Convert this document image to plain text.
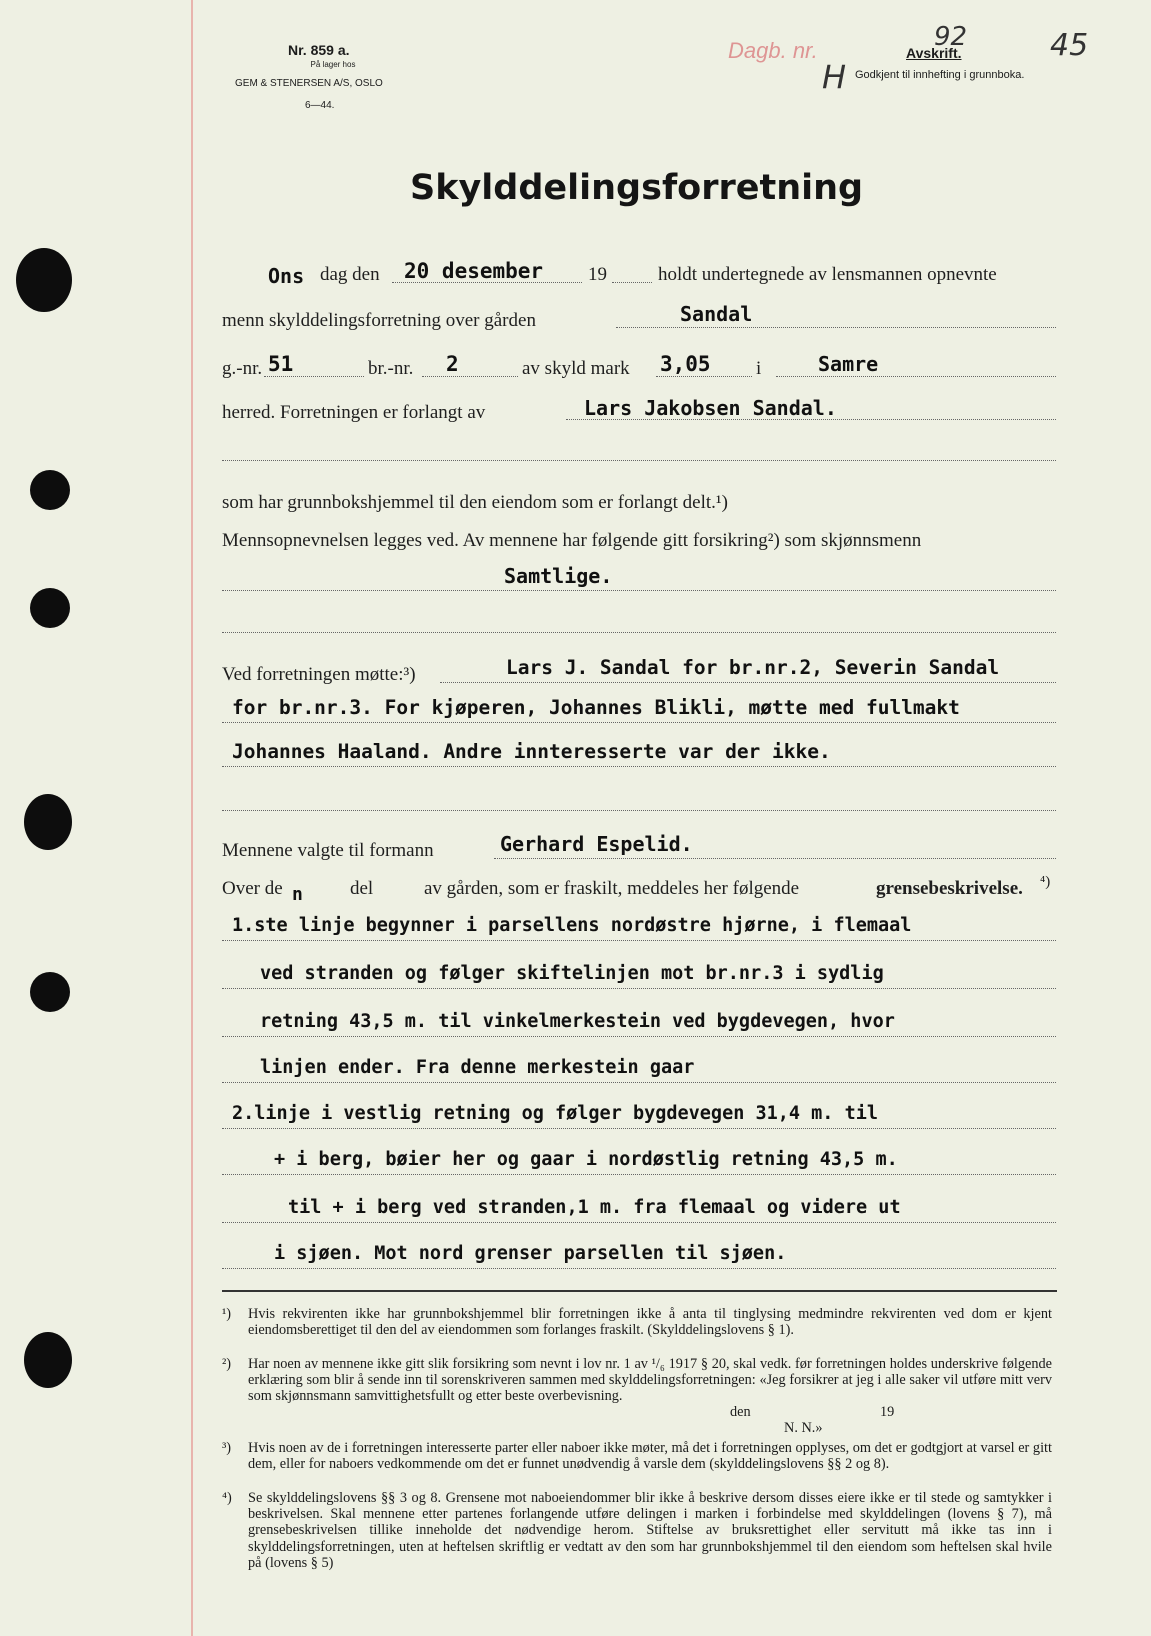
Nr. 859 a.
På lager hos
GEM & STENERSEN A/S, OSLO
6—44.
Dagb. nr.	92
Avskrift.
Godkjent til innhefting i grunnboka.
45
H
Skylddelingsforretning
Ons dag den 20 desember 19	holdt undertegnede av lensmannen opnevnte
menn skylddelingsforretning over gården	Sandal
g.-nr. 51	br.-nr. 2	av skyld mark 3,05 i	Samre
herred. Forretningen er forlangt av	Lars Jakobsen Sandal.
som har grunnbokshjemmel til den eiendom som er forlangt delt.¹)
Mennsopnevnelsen legges ved. Av mennene har følgende gitt forsikring²) som skjønnsmenn
Samtlige.
Ved forretningen møtte:³)	Lars J. Sandal for br.nr.2, Severin Sandal
for br.nr.3. For kjøperen, Johannes Blikli, møtte med fullmakt
Johannes Haaland. Andre innteresserte var der ikke.
Mennene valgte til formann	Gerhard Espelid.
Over de n del	av gården, som er fraskilt, meddeles her følgende	grensebeskrivelse. ⁴)
1.ste linje begynner i parsellens nordøstre hjørne, i flemaal
ved stranden og følger skiftelinjen mot br.nr.3 i sydlig
retning 43,5 m. til vinkelmerkestein ved bygdevegen, hvor
linjen ender. Fra denne merkestein gaar
2.linje i vestlig retning og følger bygdevegen 31,4 m. til
+ i berg, bøier her og gaar i nordøstlig retning 43,5 m.
til + i berg ved stranden,1 m. fra flemaal og videre ut
i sjøen. Mot nord grenser parsellen til sjøen.
¹)	Hvis rekvirenten ikke har grunnbokshjemmel blir forretningen ikke å anta til tinglysing medmindre rekvirenten ved dom er kjent eiendomsberettiget til den del av eiendommen som forlanges fraskilt. (Skylddelingslovens § 1).
²)	Har noen av mennene ikke gitt slik forsikring som nevnt i lov nr. 1 av ¹/₆ 1917 § 20, skal vedk. før forretningen holdes underskrive følgende erklæring som blir å sende inn til sorenskriveren sammen med skylddelingsforretningen: «Jeg forsikrer at jeg i alle saker vil utføre mitt verv som skjønnsmann samvittighetsfullt og etter beste overbevisning.
den	19
N. N.»
³)	Hvis noen av de i forretningen interesserte parter eller naboer ikke møter, må det i forretningen opplyses, om det er godtgjort at varsel er gitt dem, eller for naboers vedkommende om det er funnet unødvendig å varsle dem (skylddelingslovens §§ 2 og 8).
⁴)	Se skylddelingslovens §§ 3 og 8. Grensene mot naboeiendommer blir ikke å beskrive dersom disses eiere ikke er til stede og samtykker i beskrivelsen. Skal mennene etter partenes forlangende utføre delingen i marken i forbindelse med skylddelingen (lovens § 7), må grensebeskrivelsen tillike inneholde det nødvendige herom. Stiftelse av bruksrettighet eller servitutt må ikke tas inn i skylddelingsforretningen, uten at heftelsen skriftlig er vedtatt av den som har grunnbokshjemmel til den eiendom som heftelsen skal hvile på (lovens § 5)
